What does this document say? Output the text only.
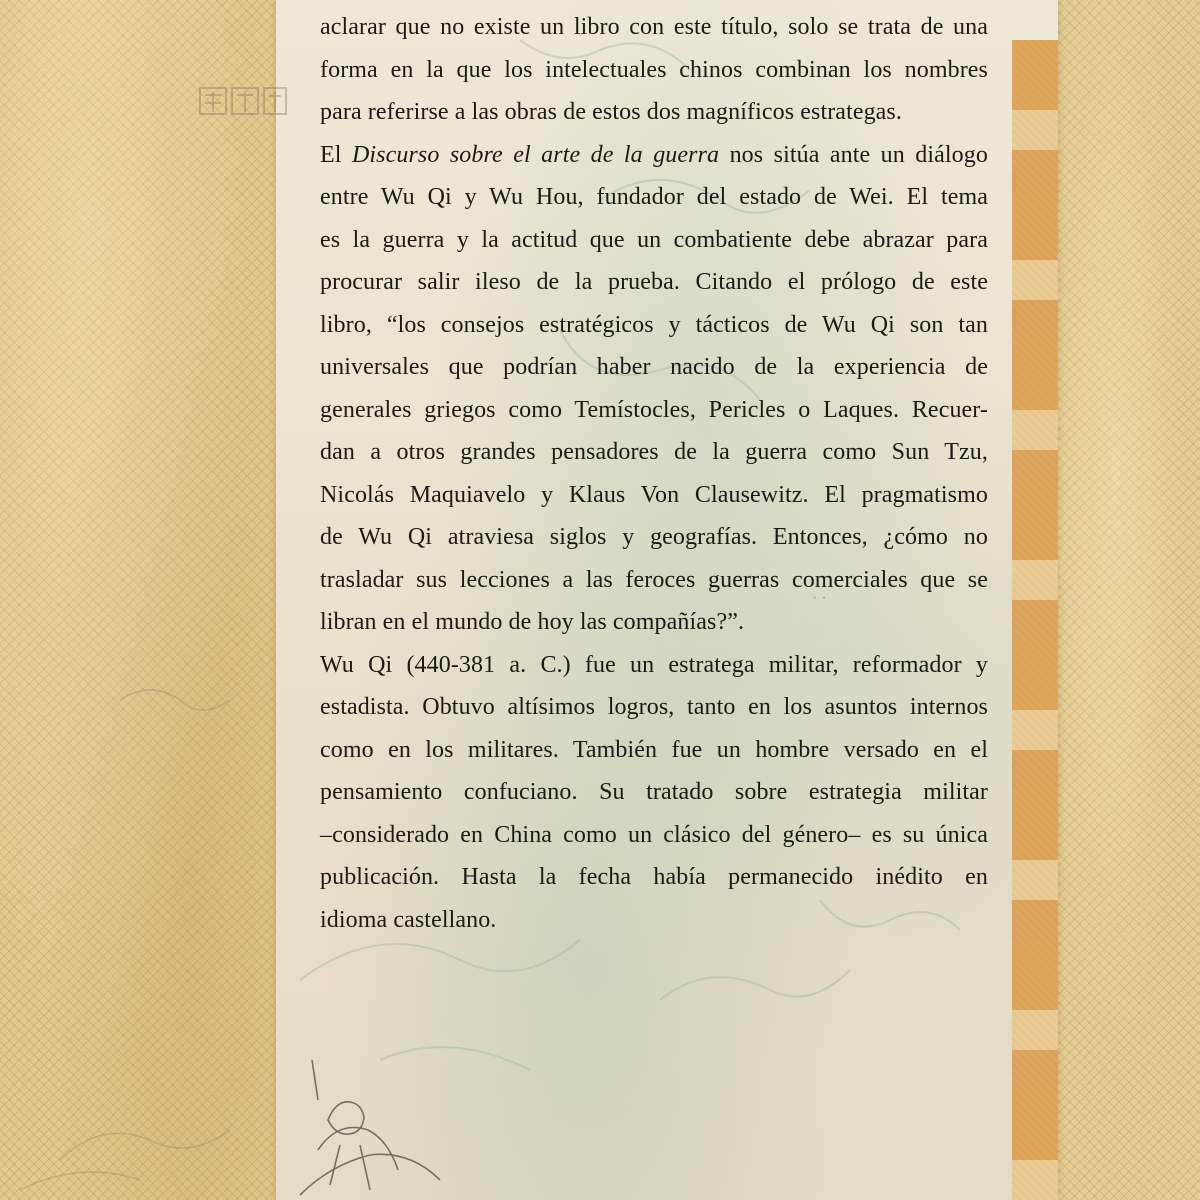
aclarar que no existe un libro con este título, solo se trata de una
forma en la que los intelectuales chinos combinan los nombres
para referirse a las obras de estos dos magníficos estrategas.
El Discurso sobre el arte de la guerra nos sitúa ante un diálogo
entre Wu Qi y Wu Hou, fundador del estado de Wei. El tema
es la guerra y la actitud que un combatiente debe abrazar para
procurar salir ileso de la prueba. Citando el prólogo de este
libro, “los consejos estratégicos y tácticos de Wu Qi son tan
universales que podrían haber nacido de la experiencia de
generales griegos como Temístocles, Pericles o Laques. Recuer-
dan a otros grandes pensadores de la guerra como Sun Tzu,
Nicolás Maquiavelo y Klaus Von Clausewitz. El pragmatismo
de Wu Qi atraviesa siglos y geografías. Entonces, ¿cómo no
trasladar sus lecciones a las feroces guerras comerciales que se
libran en el mundo de hoy las compañías?”.
Wu Qi (440-381 a. C.) fue un estratega militar, reformador y
estadista. Obtuvo altísimos logros, tanto en los asuntos internos
como en los militares. También fue un hombre versado en el
pensamiento confuciano. Su tratado sobre estrategia militar
–considerado en China como un clásico del género– es su única
publicación. Hasta la fecha había permanecido inédito en
idioma castellano.
· ·
